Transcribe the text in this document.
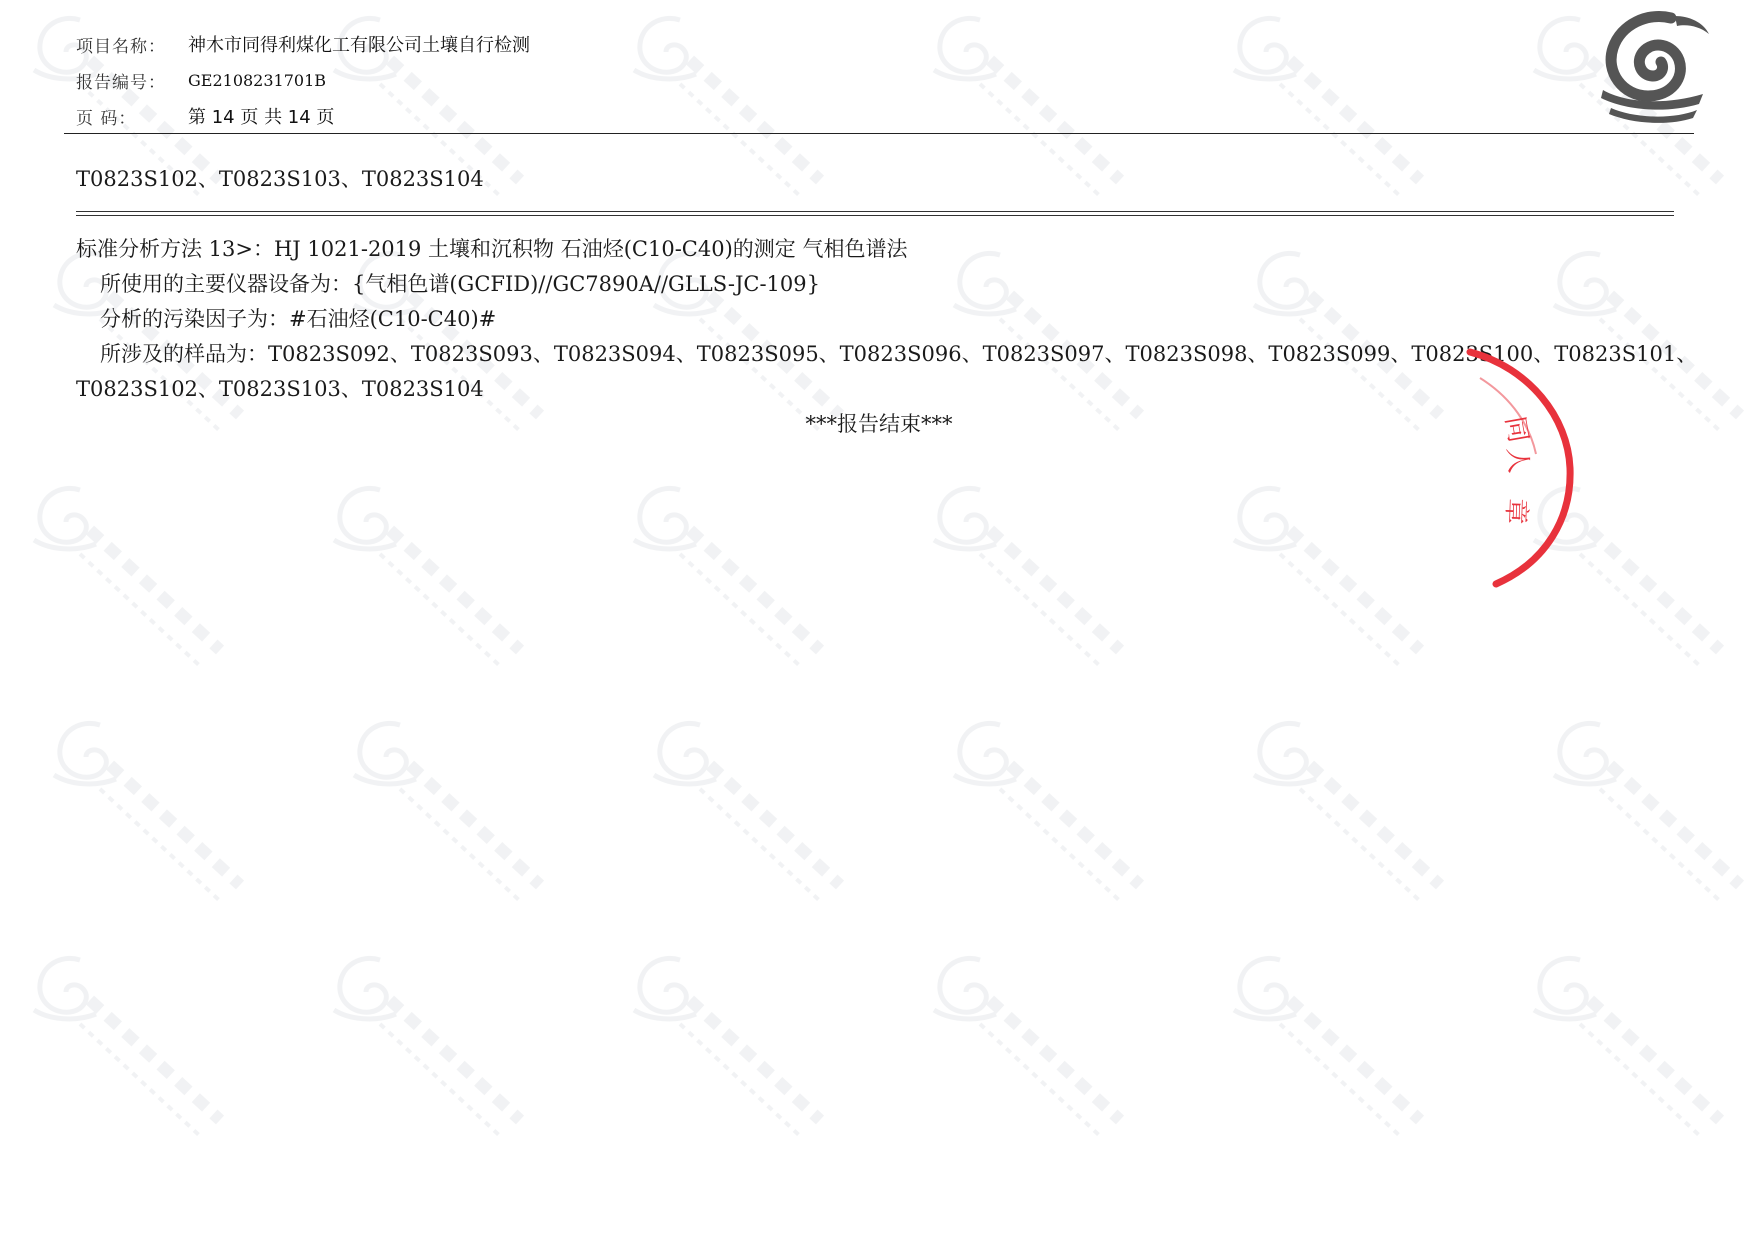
项目名称：	神木市同得利煤化工有限公司土壤自行检测
报告编号：	GE2108231701B
页 码：	第 14 页 共 14 页
T0823S102、T0823S103、T0823S104
标准分析方法 13>：HJ 1021-2019 土壤和沉积物 石油烃(C10-C40)的测定 气相色谱法
所使用的主要仪器设备为：{气相色谱(GCFID)//GC7890A//GLLS-JC-109}
分析的污染因子为：#石油烃(C10-C40)#
所涉及的样品为：T0823S092、T0823S093、T0823S094、T0823S095、T0823S096、T0823S097、T0823S098、T0823S099、T0823S100、T0823S101、
T0823S102、T0823S103、T0823S104
***报告结束***	同
人
章
